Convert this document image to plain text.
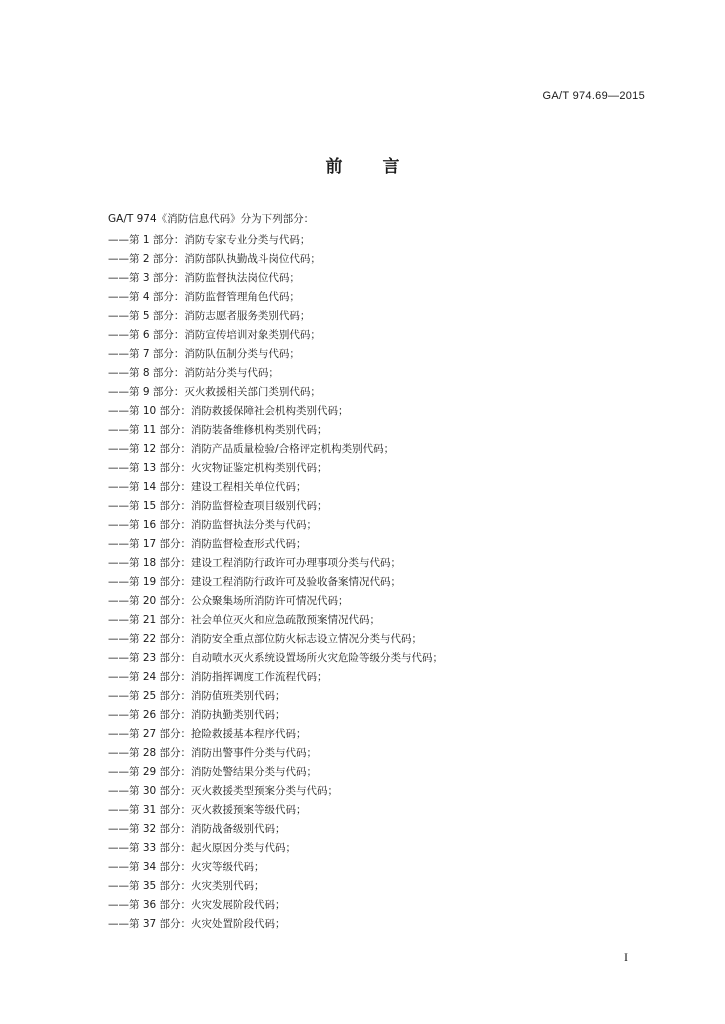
GA/T 974.69—2015
前 言
GA/T 974《消防信息代码》分为下列部分：
——第 1 部分：消防专家专业分类与代码；
——第 2 部分：消防部队执勤战斗岗位代码；
——第 3 部分：消防监督执法岗位代码；
——第 4 部分：消防监督管理角色代码；
——第 5 部分：消防志愿者服务类别代码；
——第 6 部分：消防宣传培训对象类别代码；
——第 7 部分：消防队伍制分类与代码；
——第 8 部分：消防站分类与代码；
——第 9 部分：灭火救援相关部门类别代码；
——第 10 部分：消防救援保障社会机构类别代码；
——第 11 部分：消防装备维修机构类别代码；
——第 12 部分：消防产品质量检验/合格评定机构类别代码；
——第 13 部分：火灾物证鉴定机构类别代码；
——第 14 部分：建设工程相关单位代码；
——第 15 部分：消防监督检查项目级别代码；
——第 16 部分：消防监督执法分类与代码；
——第 17 部分：消防监督检查形式代码；
——第 18 部分：建设工程消防行政许可办理事项分类与代码；
——第 19 部分：建设工程消防行政许可及验收备案情况代码；
——第 20 部分：公众聚集场所消防许可情况代码；
——第 21 部分：社会单位灭火和应急疏散预案情况代码；
——第 22 部分：消防安全重点部位防火标志设立情况分类与代码；
——第 23 部分：自动喷水灭火系统设置场所火灾危险等级分类与代码；
——第 24 部分：消防指挥调度工作流程代码；
——第 25 部分：消防值班类别代码；
——第 26 部分：消防执勤类别代码；
——第 27 部分：抢险救援基本程序代码；
——第 28 部分：消防出警事件分类与代码；
——第 29 部分：消防处警结果分类与代码；
——第 30 部分：灭火救援类型预案分类与代码；
——第 31 部分：灭火救援预案等级代码；
——第 32 部分：消防战备级别代码；
——第 33 部分：起火原因分类与代码；
——第 34 部分：火灾等级代码；
——第 35 部分：火灾类别代码；
——第 36 部分：火灾发展阶段代码；
——第 37 部分：火灾处置阶段代码；
I
